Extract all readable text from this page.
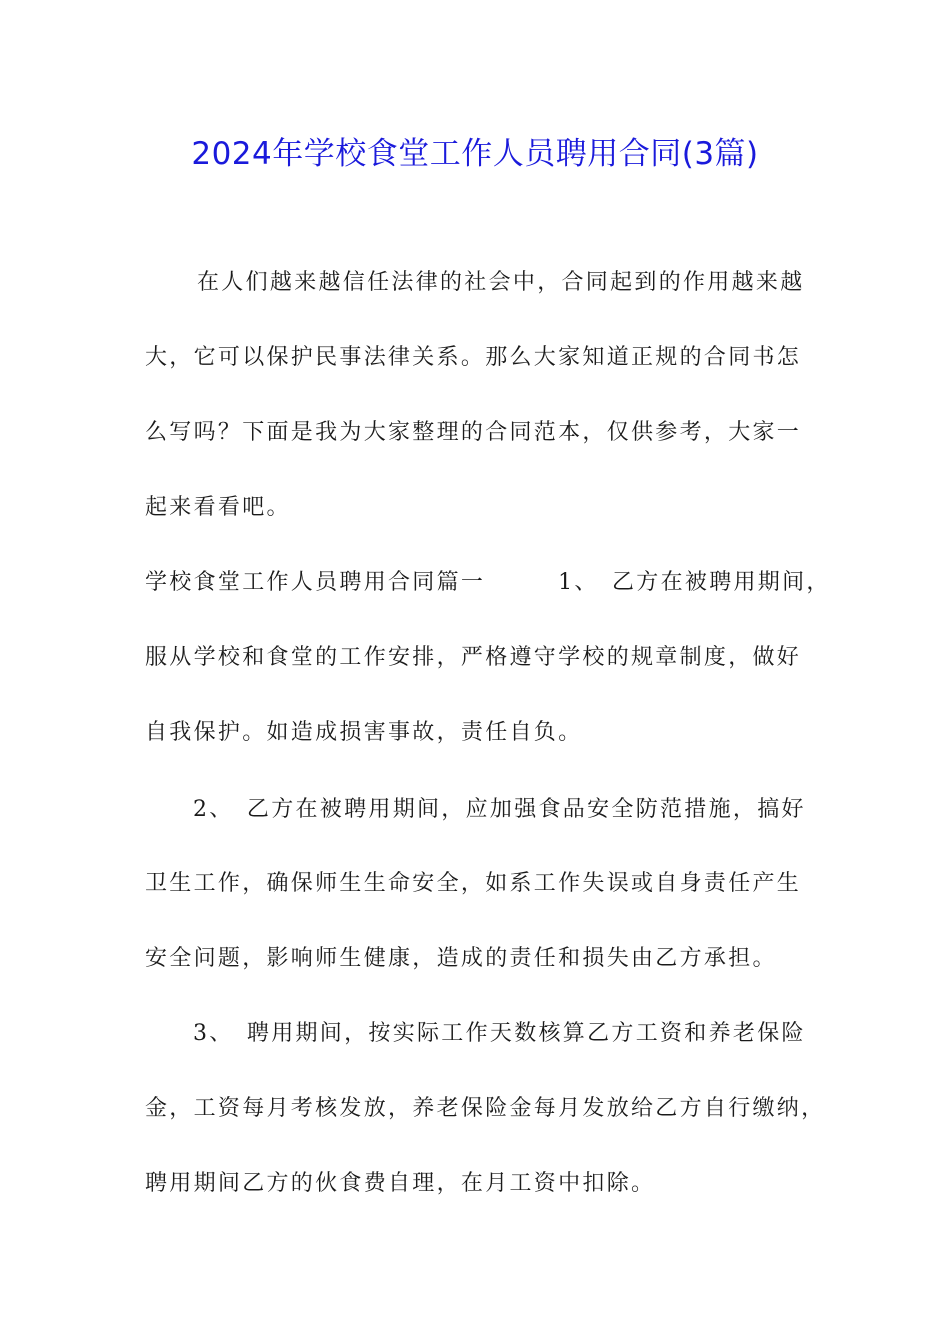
2024年学校食堂工作人员聘用合同(3篇)
在人们越来越信任法律的社会中，合同起到的作用越来越
大，它可以保护民事法律关系。那么大家知道正规的合同书怎
么写吗？下面是我为大家整理的合同范本，仅供参考，大家一
起来看看吧。
学校食堂工作人员聘用合同篇一　　　1、　乙方在被聘用期间，
服从学校和食堂的工作安排，严格遵守学校的规章制度，做好
自我保护。如造成损害事故，责任自负。
2、　乙方在被聘用期间，应加强食品安全防范措施，搞好
卫生工作，确保师生生命安全，如系工作失误或自身责任产生
安全问题，影响师生健康，造成的责任和损失由乙方承担。
3、　聘用期间，按实际工作天数核算乙方工资和养老保险
金，工资每月考核发放，养老保险金每月发放给乙方自行缴纳，
聘用期间乙方的伙食费自理，在月工资中扣除。
